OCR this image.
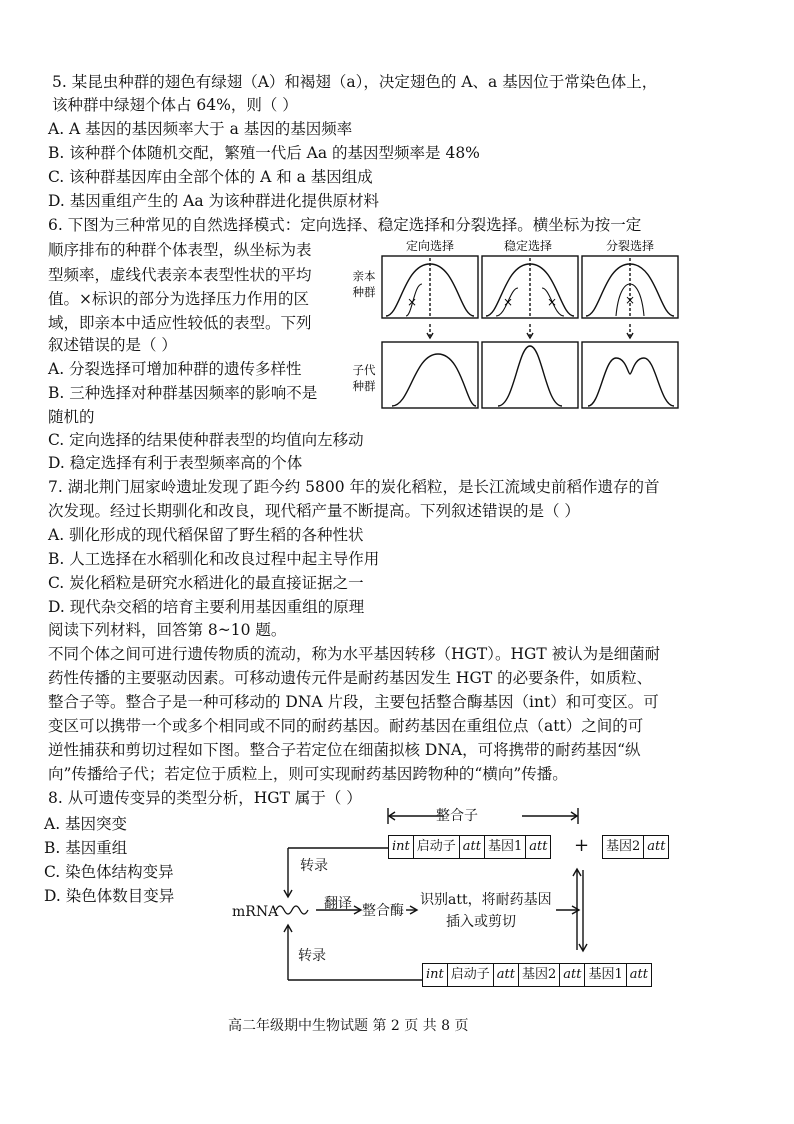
5. 某昆虫种群的翅色有绿翅（A）和褐翅（a），决定翅色的 A、a 基因位于常染色体上，
该种群中绿翅个体占 64%，则（ ）
A. A 基因的基因频率大于 a 基因的基因频率
B. 该种群个体随机交配，繁殖一代后 Aa 的基因型频率是 48%
C. 该种群基因库由全部个体的 A 和 a 基因组成
D. 基因重组产生的 Aa 为该种群进化提供原材料
6. 下图为三种常见的自然选择模式：定向选择、稳定选择和分裂选择。横坐标为按一定
顺序排布的种群个体表型，纵坐标为表
型频率，虚线代表亲本表型性状的平均
值。×标识的部分为选择压力作用的区
域，即亲本中适应性较低的表型。下列
叙述错误的是（ ）
A. 分裂选择可增加种群的遗传多样性
B. 三种选择对种群基因频率的影响不是
随机的
C. 定向选择的结果使种群表型的均值向左移动
D. 稳定选择有利于表型频率高的个体
定向选择	稳定选择	分裂选择
亲本
种群
子代
种群
×	×	×	×
7. 湖北荆门屈家岭遗址发现了距今约 5800 年的炭化稻粒，是长江流域史前稻作遗存的首
次发现。经过长期驯化和改良，现代稻产量不断提高。下列叙述错误的是（ ）
A. 驯化形成的现代稻保留了野生稻的各种性状
B. 人工选择在水稻驯化和改良过程中起主导作用
C. 炭化稻粒是研究水稻进化的最直接证据之一
D. 现代杂交稻的培育主要利用基因重组的原理
阅读下列材料，回答第 8~10 题。
不同个体之间可进行遗传物质的流动，称为水平基因转移（HGT）。HGT 被认为是细菌耐
药性传播的主要驱动因素。可移动遗传元件是耐药基因发生 HGT 的必要条件，如质粒、
整合子等。整合子是一种可移动的 DNA 片段，主要包括整合酶基因（int）和可变区。可
变区可以携带一个或多个相同或不同的耐药基因。耐药基因在重组位点（att）之间的可
逆性捕获和剪切过程如下图。整合子若定位在细菌拟核 DNA，可将携带的耐药基因“纵
向”传播给子代；若定位于质粒上，则可实现耐药基因跨物种的“横向”传播。
8. 从可遗传变异的类型分析，HGT 属于（ ）
A. 基因突变
B. 基因重组
C. 染色体结构变异
D. 染色体数目变异
整合子
转录
mRNA	翻译 整合酶
识别att，将耐药基因
插入或剪切
转录
+
int 启动子 att 基因1 att	基因2 att
int 启动子 att 基因2 att 基因1 att
高二年级期中生物试题 第 2 页 共 8 页
